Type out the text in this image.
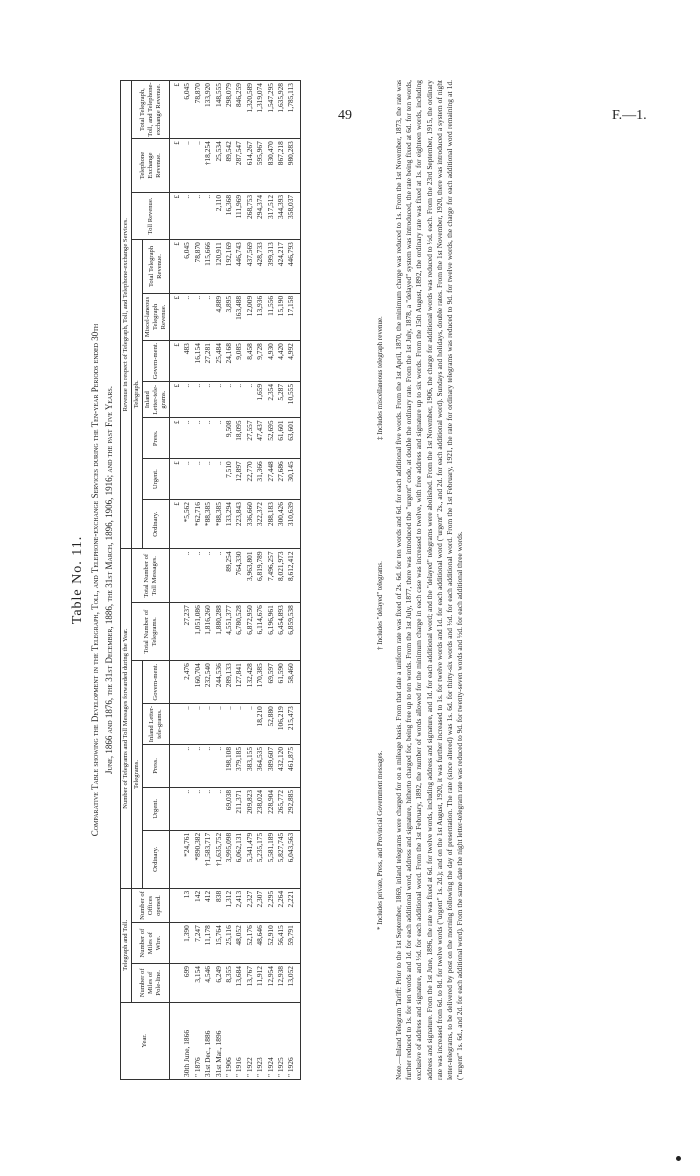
49	F.—1.
Table No. 11. Comparative Table showing the Development in the Telegraph, Toll, and Telephone-exchange Services during the Ten-year Periods ended 30th June, 1866 and 1876, the 31st December, 1886, the 31st March, 1896, 1906, 1916; and the past Five Years.
Year.	Telegraph and Toll.			Number of Telegrams and Toll Messages forwarded during the Year.							Revenue in respect of Telegraph, Toll, and Telephone-exchange Services.									
	Number of Miles of Pole-line.	Number of Miles of Wire.	Number of Offices opened.	Telegrams.					Total Number of Telegrams.	Total Number of Toll Messages.	Telegraph.							Toll Revenue.	Telephone Exchange Revenue.	Total Telegraph, Toll, and Telephone-exchange Revenue.
				Ordinary.	Urgent.	Press.	Inland Letter-tele-grams.	Govern-ment.			Ordinary.	Urgent.	Press.	Inland Letter-tele-grams.	Govern-ment.	Miscel-laneous Telegraph Revenue.	Total Telegraph Revenue.			
											£	£	£	£	£	£	£	£	£	£
30th June, 1866	699	1,390	13	*24,761	..	..	..	2,476	27,237	..	*5,562	..	..	..	483	..	6,045	..	..	6,045
" 1876	3,154	7,247	142	*890,382	..	..	..	160,704	1,051,086	..	*62,716	..	..	..	16,154	..	78,870	..	..	78,870
31st Dec., 1886	4,546	11,178	412	†1,583,717	..	..	..	232,540	1,816,260	..	*88,385	..	..	..	27,281	..	115,666	..	†18,254	133,920
31st Mar., 1896	6,249	15,764	838	†1,635,752	..	..	..	244,536	1,880,288	..	*88,385	..	..	..	25,484	4,889	120,911	2,110	25,534	148,555
" 1906	8,355	25,116	1,312	3,995,098	69,038	198,108	..	289,133	4,551,377	89,254	133,294	7,510	9,508	..	24,168	3,895	192,169	16,368	89,542	298,079
" 1916	13,684	48,052	2,413	6,062,131	211,371	379,185	..	127,841	6,780,528	764,330	223,843	12,897	18,095	..	9,085	163,488	446,743	111,969	287,547	846,259
" 1922	13,767	52,176	2,327	5,341,479	209,823	383,155	..	132,428	6,872,950	3,963,801	336,660	22,770	27,557	..	8,458	12,009	437,569	268,753	614,267	1,320,589
" 1923	11,912	48,646	2,307	5,235,175	238,024	364,535	18,210	170,385	6,114,676	6,819,789	322,372	31,366	47,437	1,659	9,728	13,936	428,733	294,374	595,967	1,319,074
" 1924	12,954	52,910	2,295	5,581,189	228,904	389,607	52,880	69,597	6,196,961	7,496,257	288,183	27,448	52,695	2,354	4,930	11,556	399,313	317,512	830,470	1,547,295
" 1925	12,938	56,415	2,264	5,827,745	265,772	432,120	106,219	61,590	6,454,893	8,021,973	300,426	27,686	61,601	5,287	4,420	15,190	424,217	344,393	867,218	1,635,928
" 1926	13,052	59,791	2,221	6,043,563	292,885	461,875	215,473	58,460	6,859,538	8,612,412	310,639	30,145	63,601	10,555	4,992	17,158	446,793	358,037	980,283	1,785,113
* Includes private, Press, and Provincial Government messages.
† Includes "delayed" telegrams.
‡ Includes miscellaneous telegraph revenue. Note.—Inland Telegram Tariff: Prior to the 1st September, 1869, inland telegrams were charged for on a mileage basis. From that date a uniform rate was fixed of 2s. 6d. for ten words and 6d. for each additional five words. From the 1st April, 1870, the minimum charge was reduced to 1s. From the 1st November, 1873, the rate was further reduced to 1s. for ten words and 1d. for each additional word, address and signature, hitherto charged for, being free up to ten words. From the 1st July, 1877, there was introduced the "urgent" code, at double the ordinary rate. From the 1st July, 1878, a "delayed" system was introduced, the rate being fixed at 6d. for ten words, exclusive of address and signature, and ½d. for each additional word. From the 1st February, 1892, the number of words allowed for the minimum charge in each case was increased to twelve, with free address and signature up to six words. From the 15th August, 1892, the ordinary rate was fixed at 1s. for eighteen words, including address and signature. From the 1st June, 1896, the rate was fixed at 6d. for twelve words, including address and signature, and 1d. for each additional word; and the "delayed" telegrams were abolished. From the 1st November, 1906, the charge for additional words was reduced to ½d. each. From the 23rd September, 1915, the ordinary rate was increased from 6d. to 8d. for twelve words ("urgent" 1s. 2d.); and on the 1st August, 1920, it was further increased to 1s. for twelve words and 1d. for each additional word ("urgent" 2s., and 2d. for each additional word). Sundays and holidays, double rates. From the 1st November, 1920, there was introduced a system of night letter-telegrams, to be delivered by post on the morning following the day of presentation. The rate (since altered) was 1s. 6d. for thirty-six words and ½d. for each additional word. From the 1st February, 1921, the rate for ordinary telegrams was reduced to 9d. for twelve words, the charge for each additional word remaining at 1d. ("urgent" 1s. 6d., and 2d. for each additional word). From the same date the night letter-telegram rate was reduced to 9d. for twenty-seven words and ½d. for each additional three words.
